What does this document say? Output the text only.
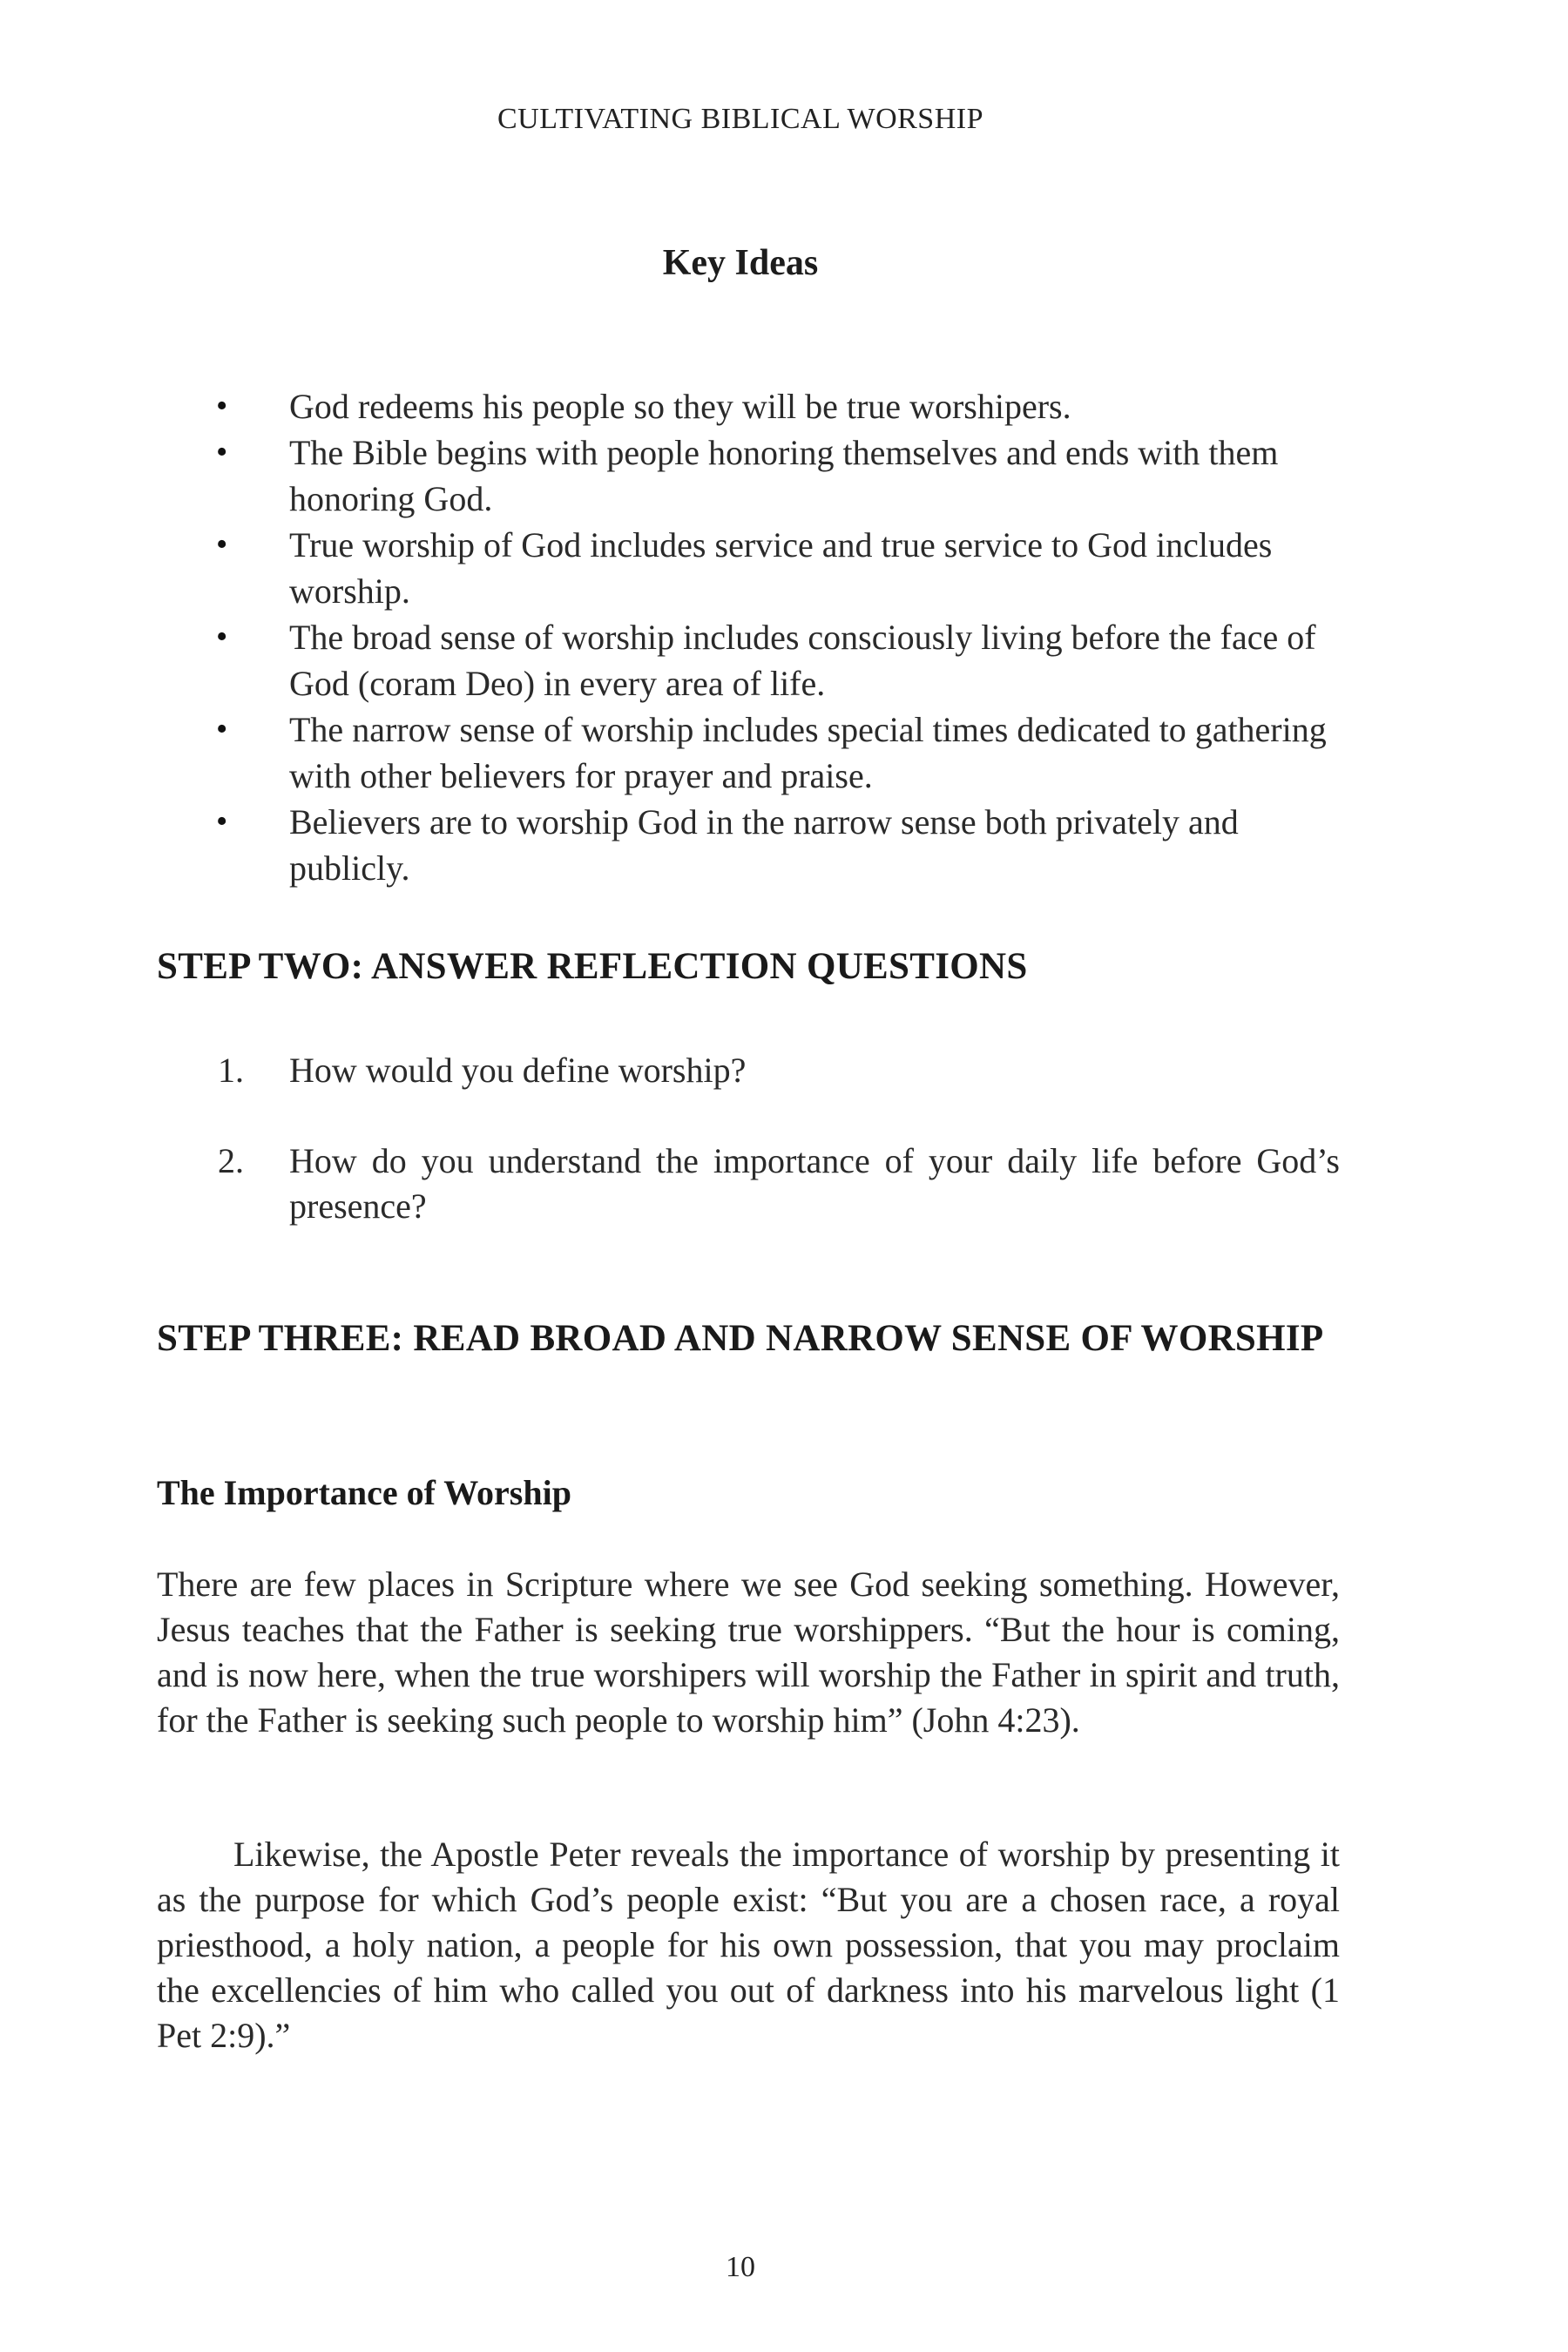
CULTIVATING BIBLICAL WORSHIP
Key Ideas
• God redeems his people so they will be true worshipers.
• The Bible begins with people honoring themselves and ends with them honoring God.
• True worship of God includes service and true service to God includes worship.
• The broad sense of worship includes consciously living before the face of God (coram Deo) in every area of life.
• The narrow sense of worship includes special times dedicated to gathering with other believers for prayer and praise.
• Believers are to worship God in the narrow sense both privately and publicly.
STEP TWO: ANSWER REFLECTION QUESTIONS
1. How would you define worship?
2. How do you understand the importance of your daily life before God’s presence?
STEP THREE: READ BROAD AND NARROW SENSE OF WORSHIP
The Importance of Worship

There are few places in Scripture where we see God seeking something. However, Jesus teaches that the Father is seeking true worshippers. “But the hour is coming, and is now here, when the true worshipers will worship the Father in spirit and truth, for the Father is seeking such people to worship him” (John 4:23).

Likewise, the Apostle Peter reveals the importance of worship by presenting it as the purpose for which God’s people exist: “But you are a chosen race, a royal priesthood, a holy nation, a people for his own possession, that you may proclaim the excellencies of him who called you out of darkness into his marvelous light (1 Pet 2:9).”

10
